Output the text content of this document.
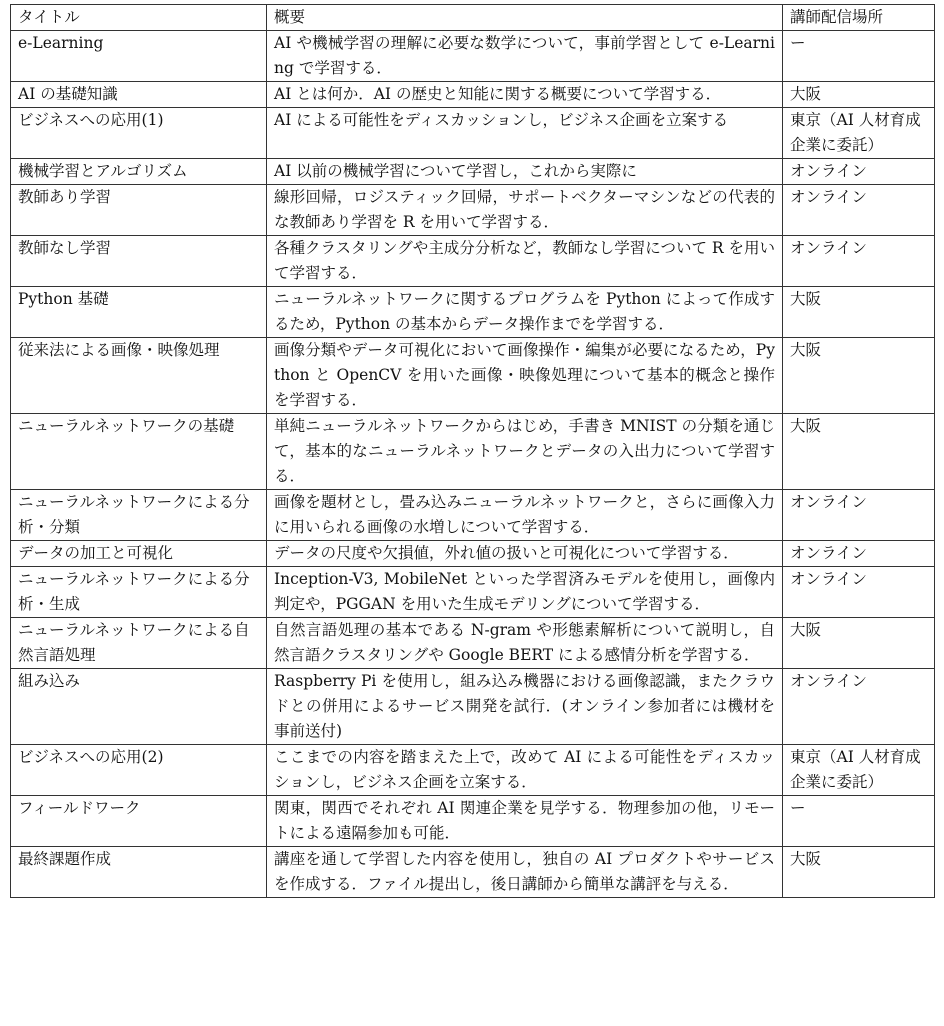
タイトル	概要	講師配信場所
e-Learning	AI や機械学習の理解に必要な数学について，事前学習として e-Learning で学習する．	ー
AI の基礎知識	AI とは何か．AI の歴史と知能に関する概要について学習する．	大阪
ビジネスへの応用(1)	AI による可能性をディスカッションし，ビジネス企画を立案する	東京（AI 人材育成企業に委託）
機械学習とアルゴリズム	AI 以前の機械学習について学習し，これから実際に	オンライン
教師あり学習	線形回帰，ロジスティック回帰，サポートベクターマシンなどの代表的な教師あり学習を R を用いて学習する．	オンライン
教師なし学習	各種クラスタリングや主成分分析など，教師なし学習について R を用いて学習する．	オンライン
Python 基礎	ニューラルネットワークに関するプログラムを Python によって作成するため，Python の基本からデータ操作までを学習する．	大阪
従来法による画像・映像処理	画像分類やデータ可視化において画像操作・編集が必要になるため，Python と OpenCV を用いた画像・映像処理について基本的概念と操作を学習する．	大阪
ニューラルネットワークの基礎	単純ニューラルネットワークからはじめ，手書き MNIST の分類を通じて，基本的なニューラルネットワークとデータの入出力について学習する．	大阪
ニューラルネットワークによる分析・分類	画像を題材とし，畳み込みニューラルネットワークと，さらに画像入力に用いられる画像の水増しについて学習する．	オンライン
データの加工と可視化	データの尺度や欠損値，外れ値の扱いと可視化について学習する．	オンライン
ニューラルネットワークによる分析・生成	Inception-V3, MobileNet といった学習済みモデルを使用し，画像内判定や，PGGAN を用いた生成モデリングについて学習する．	オンライン
ニューラルネットワークによる自然言語処理	自然言語処理の基本である N-gram や形態素解析について説明し，自然言語クラスタリングや Google BERT による感情分析を学習する．	大阪
組み込み	Raspberry Pi を使用し，組み込み機器における画像認識，またクラウドとの併用によるサービス開発を試行．(オンライン参加者には機材を事前送付)	オンライン
ビジネスへの応用(2)	ここまでの内容を踏まえた上で，改めて AI による可能性をディスカッションし，ビジネス企画を立案する．	東京（AI 人材育成企業に委託）
フィールドワーク	関東，関西でそれぞれ AI 関連企業を見学する．物理参加の他，リモートによる遠隔参加も可能．	ー
最終課題作成	講座を通して学習した内容を使用し，独自の AI プロダクトやサービスを作成する．ファイル提出し，後日講師から簡単な講評を与える．	大阪
